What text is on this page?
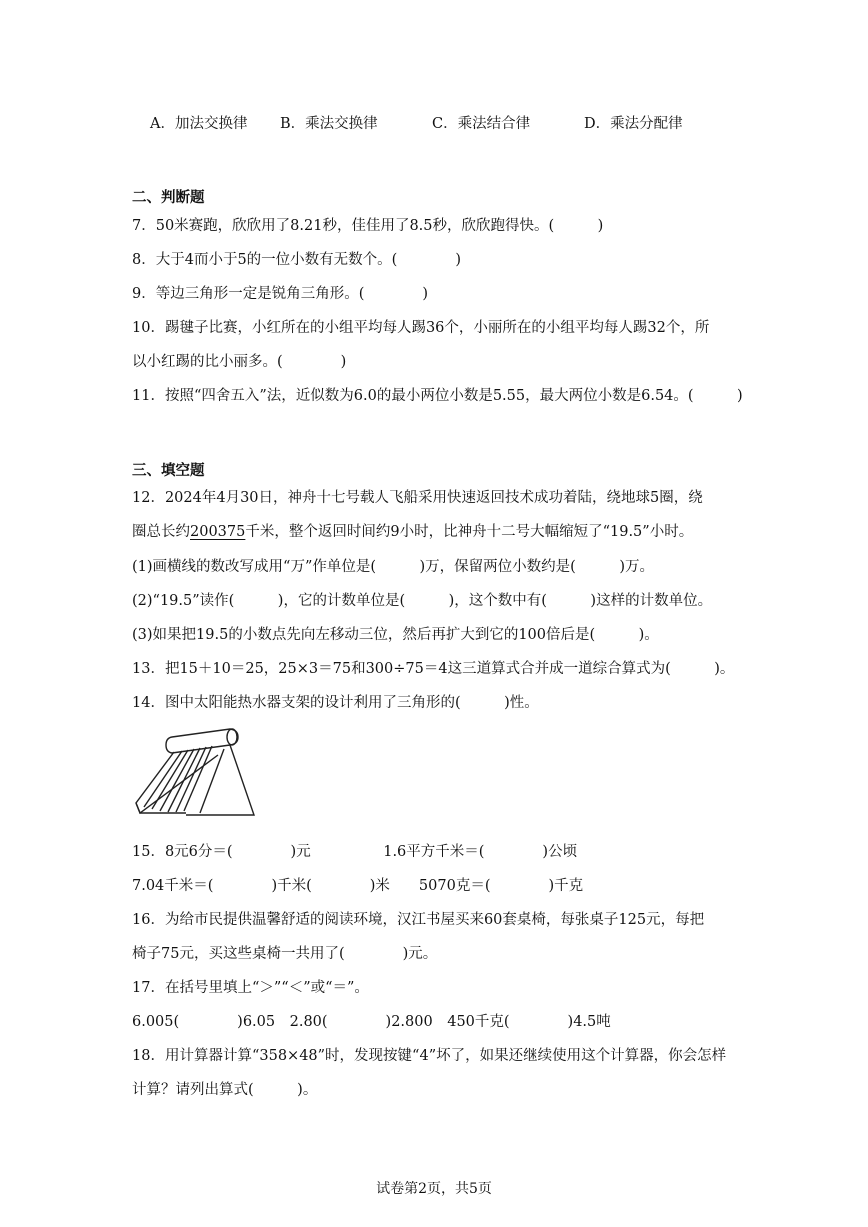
A．加法交换律 B．乘法交换律	C．乘法结合律	D．乘法分配律
二、判断题
7．50米赛跑，欣欣用了8.21秒，佳佳用了8.5秒，欣欣跑得快。(　　　)
8．大于4而小于5的一位小数有无数个。(　　　　)
9．等边三角形一定是锐角三角形。(　　　　)
10．踢毽子比赛，小红所在的小组平均每人踢36个，小丽所在的小组平均每人踢32个，所
以小红踢的比小丽多。(　　　　)
11．按照“四舍五入”法，近似数为6.0的最小两位小数是5.55，最大两位小数是6.54。(　　　)
三、填空题
12．2024年4月30日，神舟十七号载人飞船采用快速返回技术成功着陆，绕地球5圈，绕
圈总长约200375千米，整个返回时间约9小时，比神舟十二号大幅缩短了“19.5”小时。
(1)画横线的数改写成用“万”作单位是(　　　)万，保留两位小数约是(　　　)万。
(2)“19.5”读作(　　　)，它的计数单位是(　　　)，这个数中有(　　　)这样的计数单位。
(3)如果把19.5的小数点先向左移动三位，然后再扩大到它的100倍后是(　　　)。
13．把15＋10＝25，25×3＝75和300÷75＝4这三道算式合并成一道综合算式为(　　　)。
14．图中太阳能热水器支架的设计利用了三角形的(　　　)性。
15．8元6分＝(　　　　)元　　　　　1.6平方千米＝(　　　　)公顷
7.04千米＝(　　　　)千米(　　　　)米　　5070克＝(　　　　)千克
16．为给市民提供温馨舒适的阅读环境，汉江书屋买来60套桌椅，每张桌子125元，每把
椅子75元，买这些桌椅一共用了(　　　　)元。
17．在括号里填上“＞”“＜”或“＝”。
6.005(　　　　)6.05　2.80(　　　　)2.800　450千克(　　　　)4.5吨
18．用计算器计算“358×48”时，发现按键“4”坏了，如果还继续使用这个计算器，你会怎样
计算？请列出算式(　　　)。
试卷第2页，共5页
